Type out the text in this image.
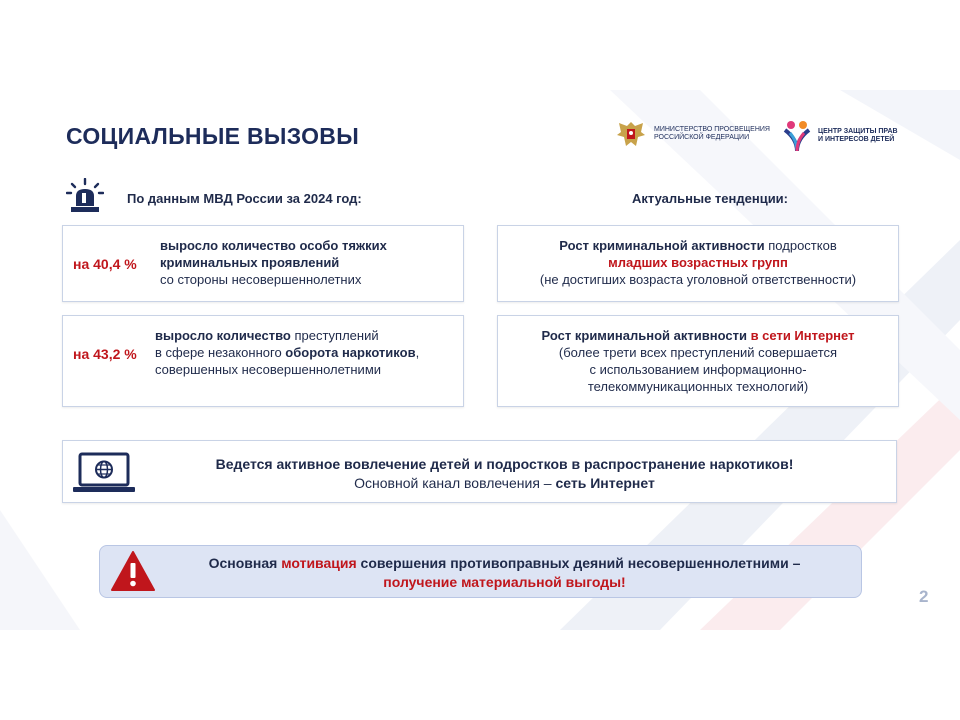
СОЦИАЛЬНЫЕ ВЫЗОВЫ	МИНИСТЕРСТВО ПРОСВЕЩЕНИЯ
РОССИЙСКОЙ ФЕДЕРАЦИИ
ЦЕНТР ЗАЩИТЫ ПРАВ
И ИНТЕРЕСОВ ДЕТЕЙ
По данным МВД России за 2024 год:	Актуальные тенденции:
на 40,4 %
выросло количество особо тяжких
криминальных проявлений
со стороны несовершеннолетних
на 43,2 %
выросло количество преступлений
в сфере незаконного оборота наркотиков,
совершенных несовершеннолетними
Рост криминальной активности подростков
младших возрастных групп
(не достигших возраста уголовной ответственности)
Рост криминальной активности в сети Интернет
(более трети всех преступлений совершается
с использованием информационно-
телекоммуникационных технологий)
Ведется активное вовлечение детей и подростков в распространение наркотиков!
Основной канал вовлечения – сеть Интернет
Основная мотивация совершения противоправных деяний несовершеннолетними –
получение материальной выгоды!
2
